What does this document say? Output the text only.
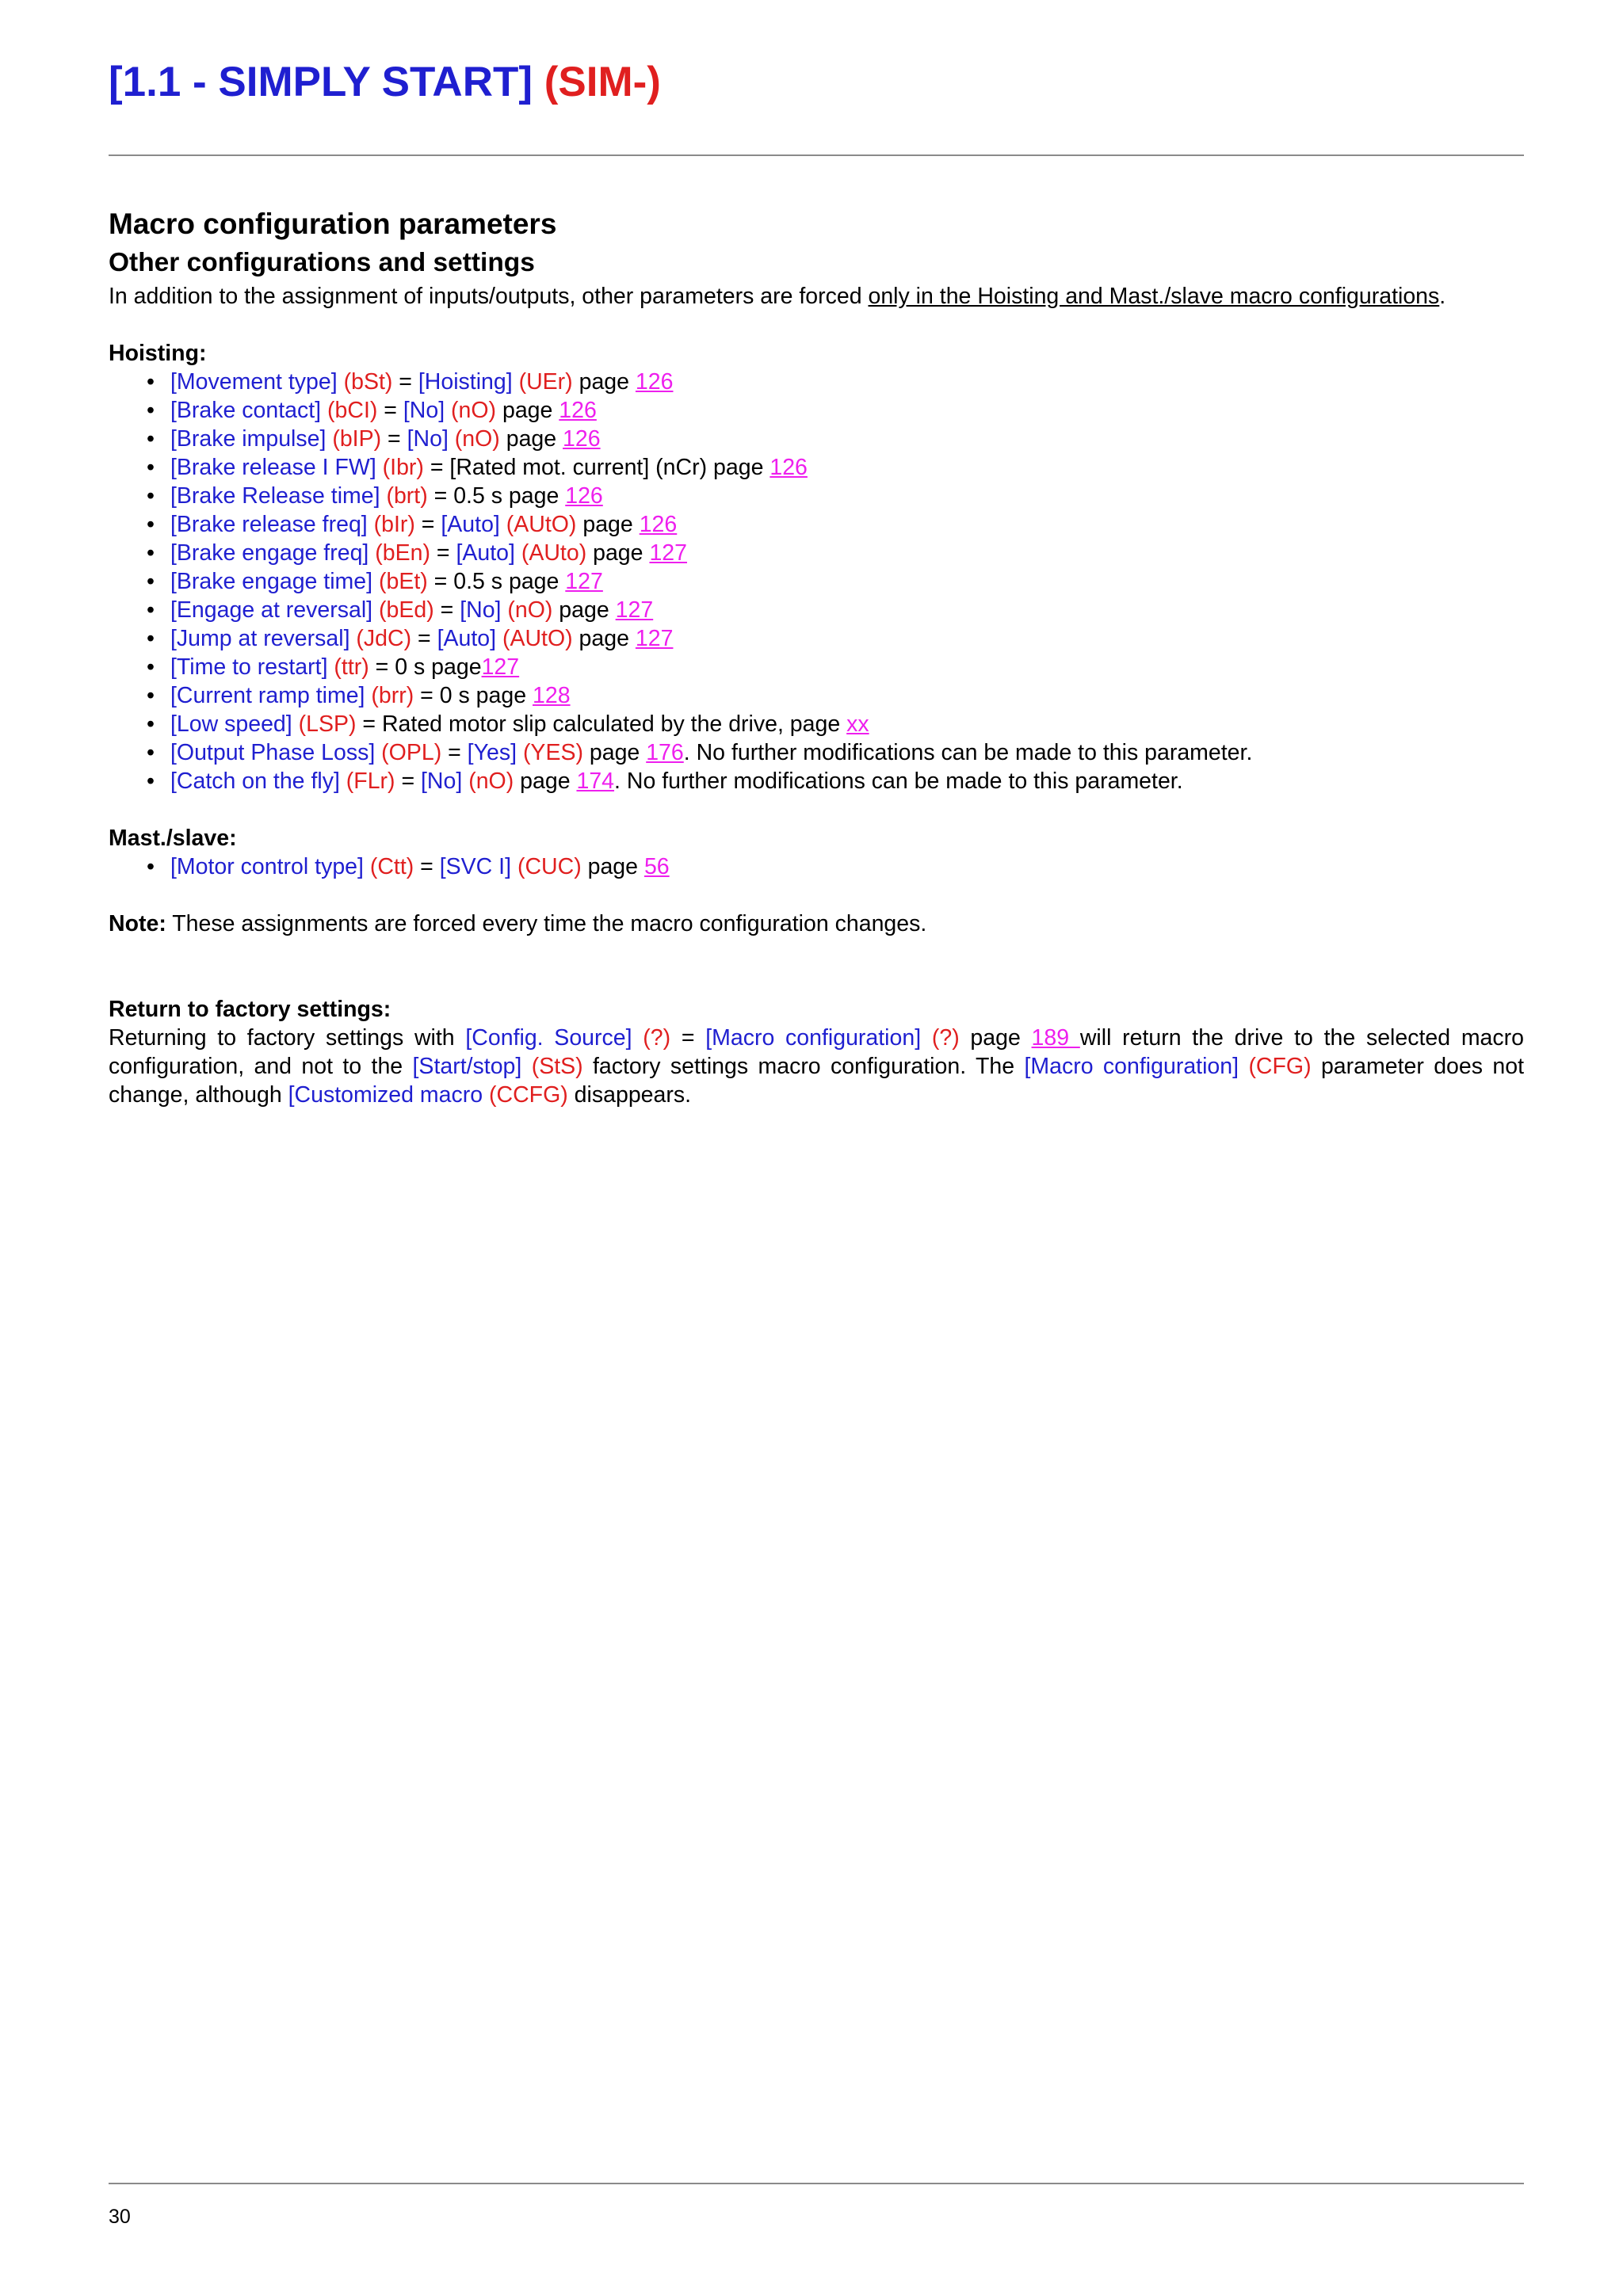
[1.1 - SIMPLY START] (SIM-)

Macro configuration parameters

Other configurations and settings

In addition to the assignment of inputs/outputs, other parameters are forced only in the Hoisting and Mast./slave macro configurations.

Hoisting:

• [Movement type] (bSt) = [Hoisting] (UEr) page 126
• [Brake contact] (bCI) = [No] (nO) page 126
• [Brake impulse] (bIP) = [No] (nO) page 126
• [Brake release I FW] (Ibr) = [Rated mot. current] (nCr) page 126
• [Brake Release time] (brt) = 0.5 s page 126
• [Brake release freq] (bIr) = [Auto] (AUtO) page 126
• [Brake engage freq] (bEn) = [Auto] (AUto) page 127
• [Brake engage time] (bEt) = 0.5 s page 127
• [Engage at reversal] (bEd) = [No] (nO) page 127
• [Jump at reversal] (JdC) = [Auto] (AUtO) page 127
• [Time to restart] (ttr) = 0 s page127
• [Current ramp time] (brr) = 0 s page 128
• [Low speed] (LSP) = Rated motor slip calculated by the drive, page xx
• [Output Phase Loss] (OPL) = [Yes] (YES) page 176. No further modifications can be made to this parameter.
• [Catch on the fly] (FLr) = [No] (nO) page 174. No further modifications can be made to this parameter.

Mast./slave:

• [Motor control type] (Ctt) = [SVC I] (CUC) page 56

Note: These assignments are forced every time the macro configuration changes.

Return to factory settings:

Returning to factory settings with [Config. Source] (?) = [Macro configuration] (?) page 189 will return the drive to the selected macro configuration, and not to the [Start/stop] (StS) factory settings macro configuration. The [Macro configuration] (CFG) parameter does not change, although [Customized macro (CCFG) disappears.

30
